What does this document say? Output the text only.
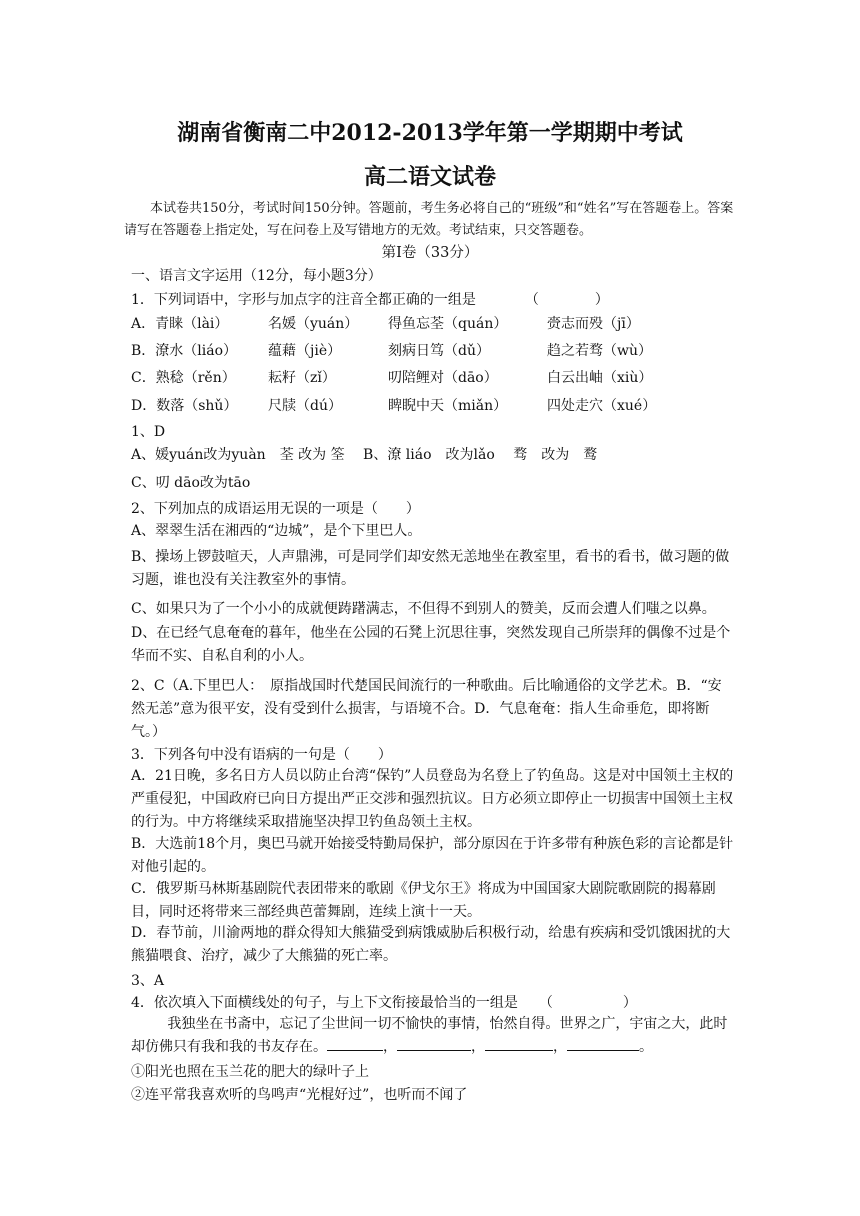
湖南省衡南二中2012-2013学年第一学期期中考试
高二语文试卷
本试卷共150分，考试时间150分钟。答题前，考生务必将自己的“班级”和“姓名”写在答题卷上。答案请写在答题卷上指定处，写在问卷上及写错地方的无效。考试结束，只交答题卷。
第Ⅰ卷（33分）
一、语言文字运用（12分，每小题3分）
1．下列词语中，字形与加点字的注音全都正确的一组是　　　　（　　　　）
A．青睐（lài）	名媛（yuán） 得鱼忘荃（quán）	赍志而殁（jī）
B．潦水（liáo） 蕴藉（jiè）	刻病日笃（dǔ）	趋之若骛（wù）
C．熟稔（rěn） 耘籽（zǐ）	叨陪鲤对（dāo）	白云出岫（xiù）
D．数落（shǔ） 尺牍（dú）	睥睨中天（miǎn）	四处走穴（xué）
1、D
A、媛yuán改为yuàn　荃 改为 筌　 B、潦 liáo　改为lǎo　 骛　改为　鹜
C、叨 dāo改为tāo
2、下列加点的成语运用无误的一项是（　　）
A、翠翠生活在湘西的“边城”，是个下里巴人。
B、操场上锣鼓喧天，人声鼎沸，可是同学们却安然无恙地坐在教室里，看书的看书，做习题的做习题，谁也没有关注教室外的事情。
C、如果只为了一个小小的成就便踌躇满志，不但得不到别人的赞美，反而会遭人们嗤之以鼻。
D、在已经气息奄奄的暮年，他坐在公园的石凳上沉思往事，突然发现自己所崇拜的偶像不过是个华而不实、自私自利的小人。
2、C（A.下里巴人：　原指战国时代楚国民间流行的一种歌曲。后比喻通俗的文学艺术。B．“安然无恙”意为很平安，没有受到什么损害，与语境不合。D．气息奄奄：指人生命垂危，即将断气。）
3．下列各句中没有语病的一句是（　　）
A．21日晚，多名日方人员以防止台湾“保钓”人员登岛为名登上了钓鱼岛。这是对中国领土主权的严重侵犯，中国政府已向日方提出严正交涉和强烈抗议。日方必须立即停止一切损害中国领土主权的行为。中方将继续采取措施坚决捍卫钓鱼岛领土主权。
B．大选前18个月，奥巴马就开始接受特勤局保护，部分原因在于许多带有种族色彩的言论都是针对他引起的。
C．俄罗斯马林斯基剧院代表团带来的歌剧《伊戈尔王》将成为中国国家大剧院歌剧院的揭幕剧目，同时还将带来三部经典芭蕾舞剧，连续上演十一天。
D．春节前，川渝两地的群众得知大熊猫受到病饿威胁后积极行动，给患有疾病和受饥饿困扰的大熊猫喂食、治疗，减少了大熊猫的死亡率。
3、A
4．依次填入下面横线处的句子，与上下文衔接最恰当的一组是　　（　　　　　）
我独坐在书斋中，忘记了尘世间一切不愉快的事情，怡然自得。世界之广，宇宙之大，此时却仿佛只有我和我的书友存在。	，	，	，	。
①阳光也照在玉兰花的肥大的绿叶子上
②连平常我喜欢听的鸟鸣声“光棍好过”，也听而不闻了
